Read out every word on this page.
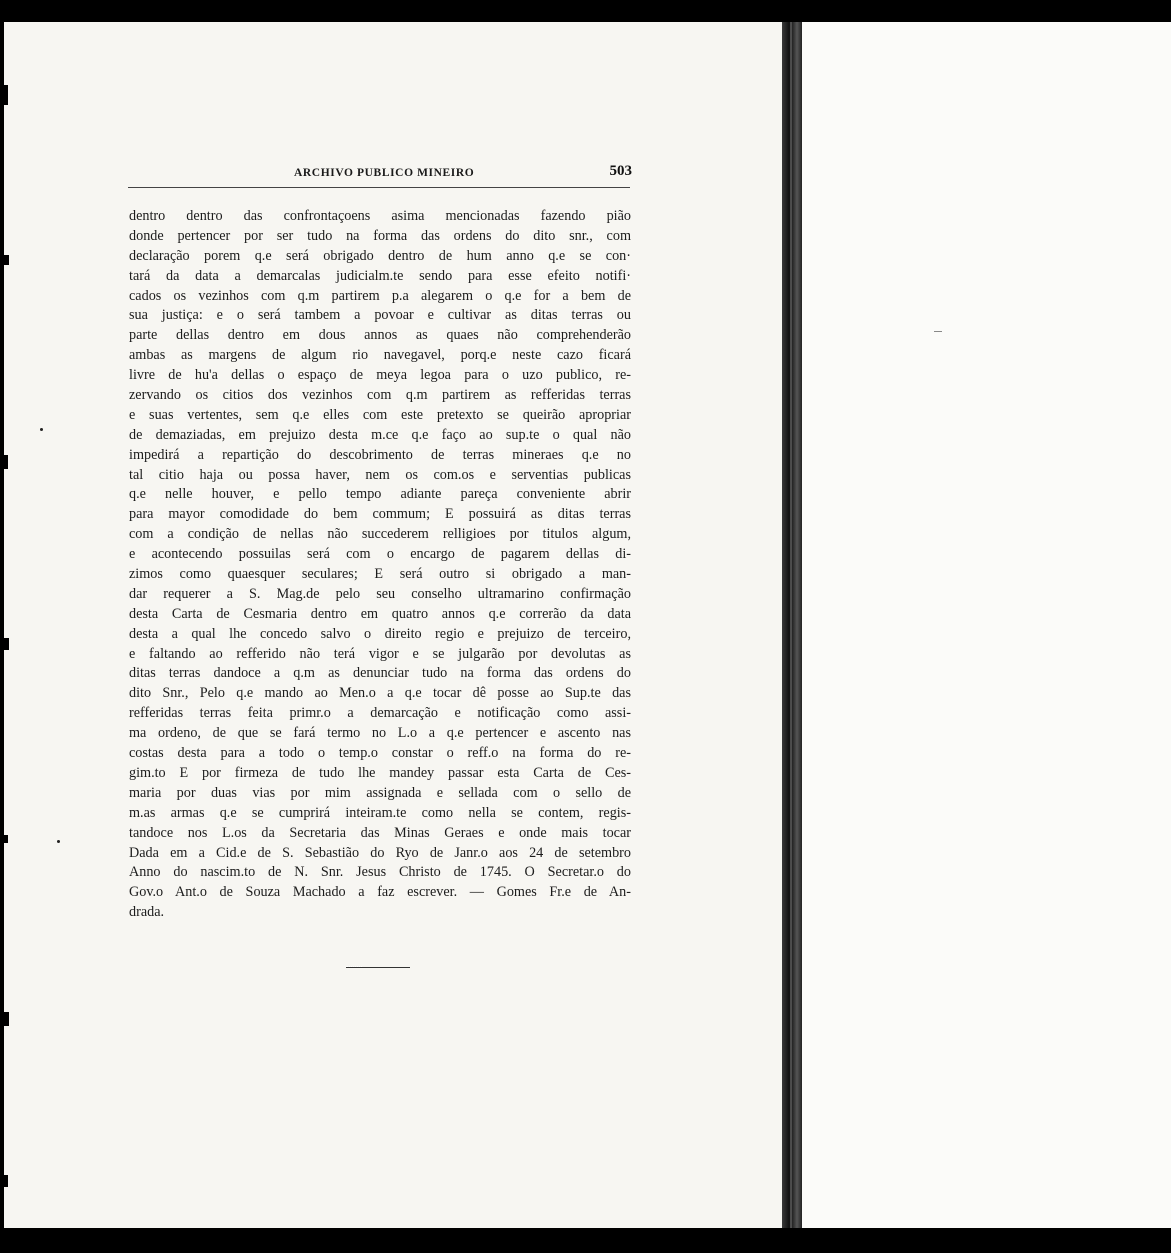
ARCHIVO PUBLICO MINEIRO	503
dentro dentro das confrontaçoens asima mencionadas fazendo pião
donde pertencer por ser tudo na forma das ordens do dito snr., com
declaração porem q.e será obrigado dentro de hum anno q.e se con·
tará da data a demarcalas judicialm.te sendo para esse efeito notifi·
cados os vezinhos com q.m partirem p.a alegarem o q.e for a bem de
sua justiça: e o será tambem a povoar e cultivar as ditas terras ou
parte dellas dentro em dous annos as quaes não comprehenderão
ambas as margens de algum rio navegavel, porq.e neste cazo ficará
livre de hu'a dellas o espaço de meya legoa para o uzo publico, re-
zervando os citios dos vezinhos com q.m partirem as refferidas terras
e suas vertentes, sem q.e elles com este pretexto se queirão apropriar
de demaziadas, em prejuizo desta m.ce q.e faço ao sup.te o qual não
impedirá a repartição do descobrimento de terras mineraes q.e no
tal citio haja ou possa haver, nem os com.os e serventias publicas
q.e nelle houver, e pello tempo adiante pareça conveniente abrir
para mayor comodidade do bem commum; E possuirá as ditas terras
com a condição de nellas não succederem relligioes por titulos algum,
e acontecendo possuilas será com o encargo de pagarem dellas di-
zimos como quaesquer seculares; E será outro si obrigado a man-
dar requerer a S. Mag.de pelo seu conselho ultramarino confirmação
desta Carta de Cesmaria dentro em quatro annos q.e correrão da data
desta a qual lhe concedo salvo o direito regio e prejuizo de terceiro,
e faltando ao refferido não terá vigor e se julgarão por devolutas as
ditas terras dandoce a q.m as denunciar tudo na forma das ordens do
dito Snr., Pelo q.e mando ao Men.o a q.e tocar dê posse ao Sup.te das
refferidas terras feita primr.o a demarcação e notificação como assi-
ma ordeno, de que se fará termo no L.o a q.e pertencer e ascento nas
costas desta para a todo o temp.o constar o reff.o na forma do re-
gim.to E por firmeza de tudo lhe mandey passar esta Carta de Ces-
maria por duas vias por mim assignada e sellada com o sello de
m.as armas q.e se cumprirá inteiram.te como nella se contem, regis-
tandoce nos L.os da Secretaria das Minas Geraes e onde mais tocar
Dada em a Cid.e de S. Sebastião do Ryo de Janr.o aos 24 de setembro
Anno do nascim.to de N. Snr. Jesus Christo de 1745. O Secretar.o do
Gov.o Ant.o de Souza Machado a faz escrever. — Gomes Fr.e de An-
drada.
